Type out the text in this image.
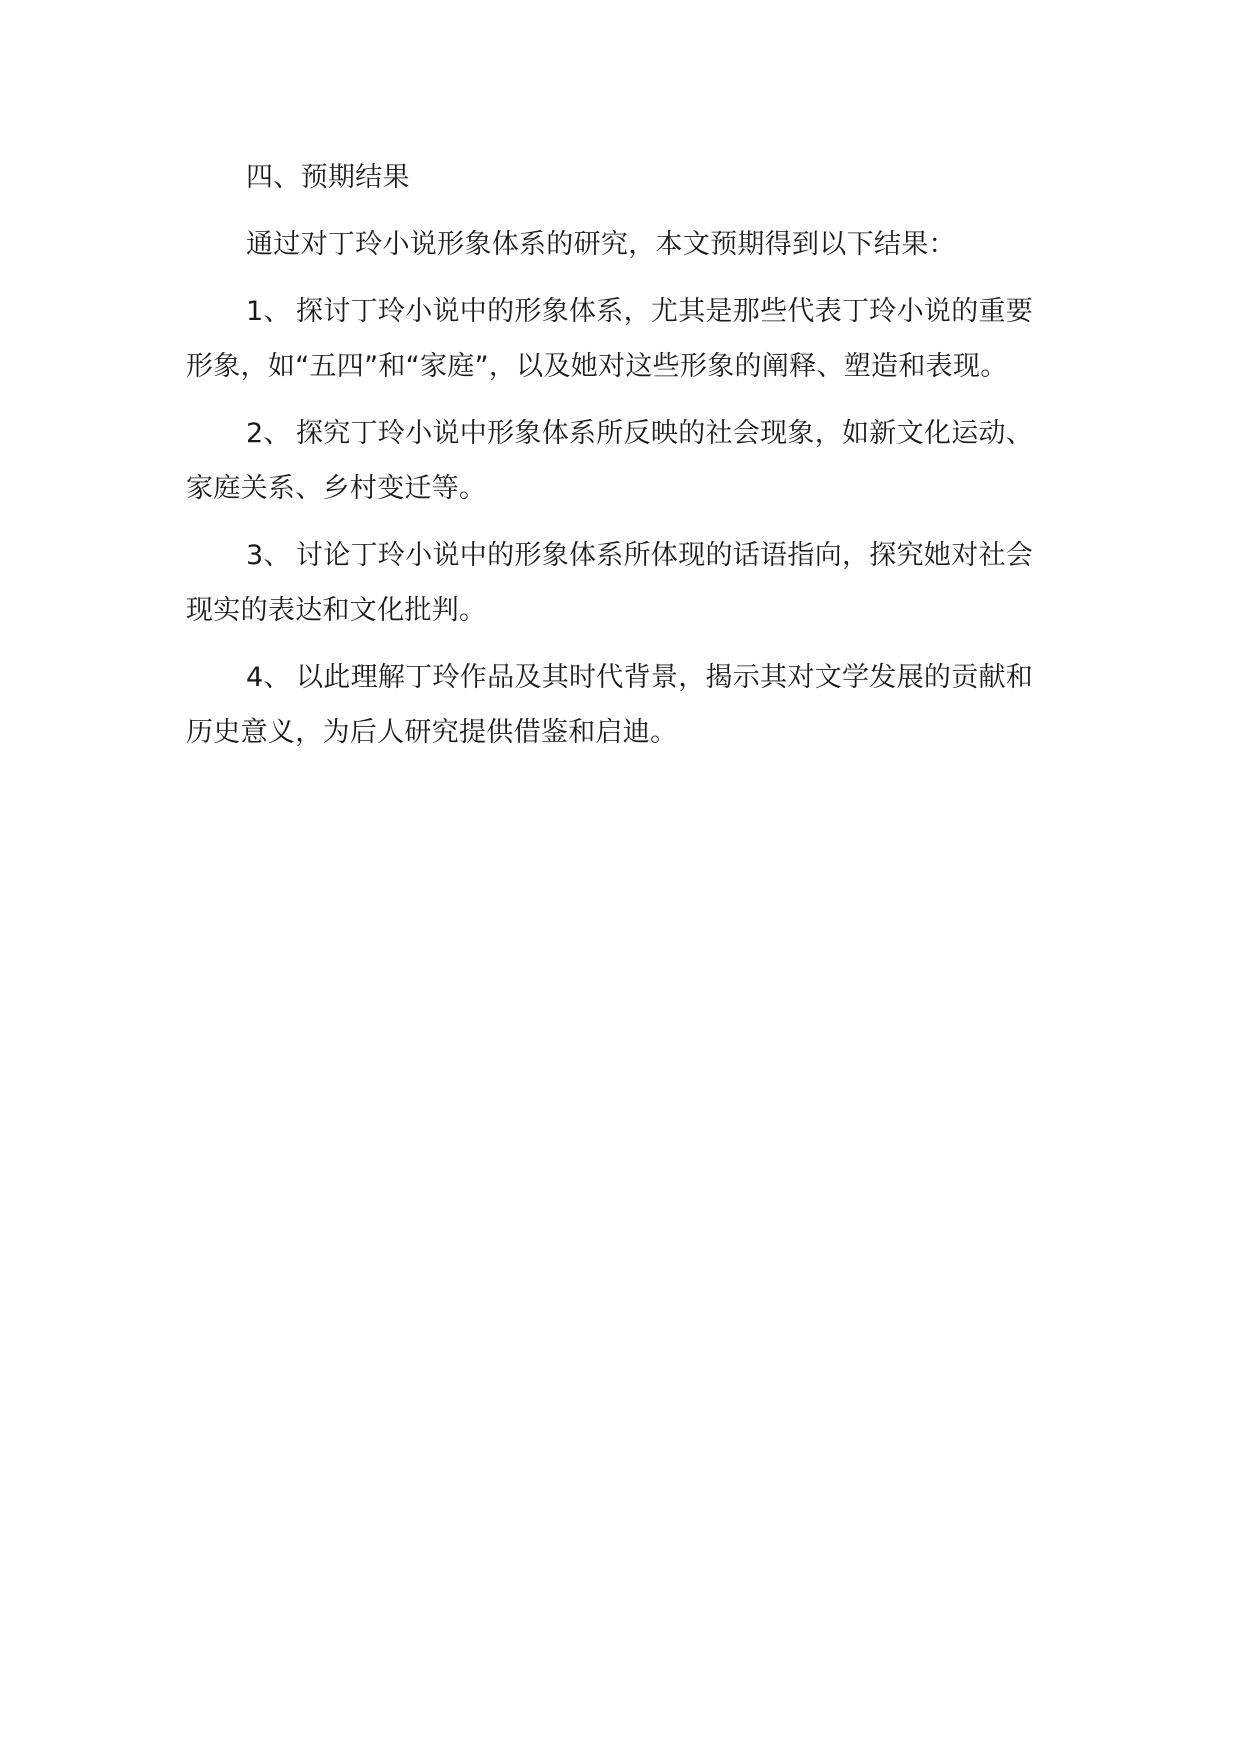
四、预期结果

通过对丁玲小说形象体系的研究，本文预期得到以下结果：

1、 探讨丁玲小说中的形象体系，尤其是那些代表丁玲小说的重要
形象，如“五四”和“家庭”，以及她对这些形象的阐释、塑造和表现。

2、 探究丁玲小说中形象体系所反映的社会现象，如新文化运动、
家庭关系、乡村变迁等。

3、 讨论丁玲小说中的形象体系所体现的话语指向，探究她对社会
现实的表达和文化批判。

4、 以此理解丁玲作品及其时代背景，揭示其对文学发展的贡献和
历史意义，为后人研究提供借鉴和启迪。
